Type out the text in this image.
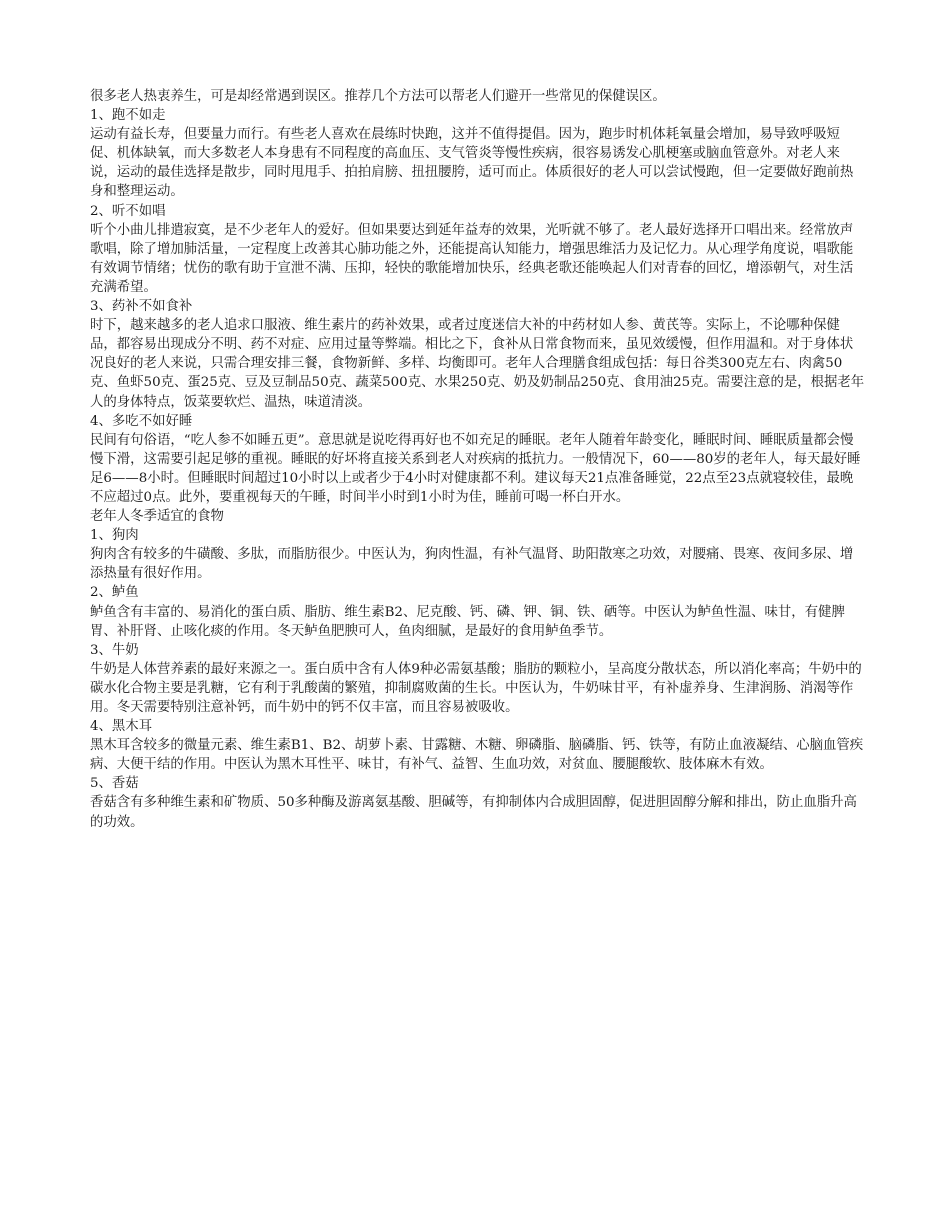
很多老人热衷养生，可是却经常遇到误区。推荐几个方法可以帮老人们避开一些常见的保健误区。

1、跑不如走

运动有益长寿，但要量力而行。有些老人喜欢在晨练时快跑，这并不值得提倡。因为，跑步时机体耗氧量会增加，易导致呼吸短促、机体缺氧，而大多数老人本身患有不同程度的高血压、支气管炎等慢性疾病，很容易诱发心肌梗塞或脑血管意外。对老人来说，运动的最佳选择是散步，同时甩甩手、拍拍肩膀、扭扭腰胯，适可而止。体质很好的老人可以尝试慢跑，但一定要做好跑前热身和整理运动。

2、听不如唱

听个小曲儿排遣寂寞，是不少老年人的爱好。但如果要达到延年益寿的效果，光听就不够了。老人最好选择开口唱出来。经常放声歌唱，除了增加肺活量，一定程度上改善其心肺功能之外，还能提高认知能力，增强思维活力及记忆力。从心理学角度说，唱歌能有效调节情绪；忧伤的歌有助于宣泄不满、压抑，轻快的歌能增加快乐，经典老歌还能唤起人们对青春的回忆，增添朝气，对生活充满希望。

3、药补不如食补

时下，越来越多的老人追求口服液、维生素片的药补效果，或者过度迷信大补的中药材如人参、黄芪等。实际上，不论哪种保健品，都容易出现成分不明、药不对症、应用过量等弊端。相比之下，食补从日常食物而来，虽见效缓慢，但作用温和。对于身体状况良好的老人来说，只需合理安排三餐，食物新鲜、多样、均衡即可。老年人合理膳食组成包括：每日谷类300克左右、肉禽50克、鱼虾50克、蛋25克、豆及豆制品50克、蔬菜500克、水果250克、奶及奶制品250克、食用油25克。需要注意的是，根据老年人的身体特点，饭菜要软烂、温热，味道清淡。

4、多吃不如好睡

民间有句俗语，“吃人参不如睡五更”。意思就是说吃得再好也不如充足的睡眠。老年人随着年龄变化，睡眠时间、睡眠质量都会慢慢下滑，这需要引起足够的重视。睡眠的好坏将直接关系到老人对疾病的抵抗力。一般情况下，60——80岁的老年人，每天最好睡足6——8小时。但睡眠时间超过10小时以上或者少于4小时对健康都不利。建议每天21点准备睡觉，22点至23点就寝较佳，最晚不应超过0点。此外，要重视每天的午睡，时间半小时到1小时为佳，睡前可喝一杯白开水。

老年人冬季适宜的食物

1、狗肉

狗肉含有较多的牛磺酸、多肽，而脂肪很少。中医认为，狗肉性温，有补气温肾、助阳散寒之功效，对腰痛、畏寒、夜间多尿、增添热量有很好作用。

2、鲈鱼

鲈鱼含有丰富的、易消化的蛋白质、脂肪、维生素B2、尼克酸、钙、磷、钾、铜、铁、硒等。中医认为鲈鱼性温、味甘，有健脾胃、补肝肾、止咳化痰的作用。冬天鲈鱼肥腴可人，鱼肉细腻，是最好的食用鲈鱼季节。

3、牛奶

牛奶是人体营养素的最好来源之一。蛋白质中含有人体9种必需氨基酸；脂肪的颗粒小，呈高度分散状态，所以消化率高；牛奶中的碳水化合物主要是乳糖，它有利于乳酸菌的繁殖，抑制腐败菌的生长。中医认为，牛奶味甘平，有补虚养身、生津润肠、消渴等作用。冬天需要特别注意补钙，而牛奶中的钙不仅丰富，而且容易被吸收。

4、黑木耳

黑木耳含较多的微量元素、维生素B1、B2、胡萝卜素、甘露糖、木糖、卵磷脂、脑磷脂、钙、铁等，有防止血液凝结、心脑血管疾病、大便干结的作用。中医认为黑木耳性平、味甘，有补气、益智、生血功效，对贫血、腰腿酸软、肢体麻木有效。

5、香菇

香菇含有多种维生素和矿物质、50多种酶及游离氨基酸、胆碱等，有抑制体内合成胆固醇，促进胆固醇分解和排出，防止血脂升高的功效。
